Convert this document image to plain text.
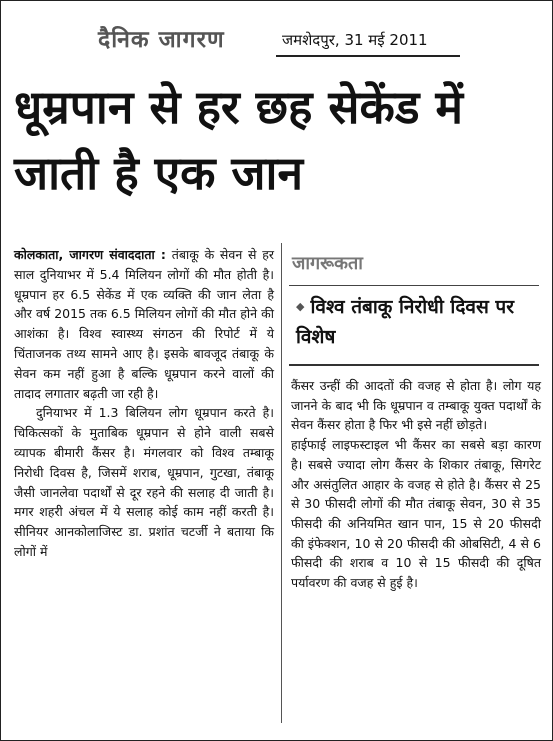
दैनिक जागरण	जमशेदपुर, 31 मई 2011
धूम्रपान से हर छह सेकेंड में जाती है एक जान

कोलकाता, जागरण संवाददाता : तंबाकू के सेवन से हर साल दुनियाभर में 5.4 मिलियन लोगों की मौत होती है। धूम्रपान हर 6.5 सेकेंड में एक व्यक्ति की जान लेता है और वर्ष 2015 तक 6.5 मिलियन लोगों की मौत होने की आशंका है। विश्व स्वास्थ्य संगठन की रिपोर्ट में ये चिंताजनक तथ्य सामने आए है। इसके बावजूद तंबाकू के सेवन कम नहीं हुआ है बल्कि धूम्रपान करने वालों की तादाद लगातार बढ़ती जा रही है।

दुनियाभर में 1.3 बिलियन लोग धूम्रपान करते है। चिकित्सकों के मुताबिक धूम्रपान से होने वाली सबसे व्यापक बीमारी कैंसर है। मंगलवार को विश्व तम्बाकू निरोधी दिवस है, जिसमें शराब, धूम्रपान, गुटखा, तंबाकू जैसी जानलेवा पदार्थों से दूर रहने की सलाह दी जाती है। मगर शहरी अंचल में ये सलाह कोई काम नहीं करती है। सीनियर आनकोलाजिस्ट डा. प्रशांत चटर्जी ने बताया कि लोगों में

जागरूकता
◆ विश्व तंबाकू निरोधी दिवस पर विशेष

कैंसर उन्हीं की आदतों की वजह से होता है। लोग यह जानने के बाद भी कि धूम्रपान व तम्बाकू युक्त पदार्थों के सेवन कैंसर होता है फिर भी इसे नहीं छोड़ते।

हाईफाई लाइफस्टाइल भी कैंसर का सबसे बड़ा कारण है। सबसे ज्यादा लोग कैंसर के शिकार तंबाकू, सिगरेट और असंतुलित आहार के वजह से होते है। कैंसर से 25 से 30 फीसदी लोगों की मौत तंबाकू सेवन, 30 से 35 फीसदी की अनियमित खान पान, 15 से 20 फीसदी की इंफेक्शन, 10 से 20 फीसदी की ओबसिटी, 4 से 6 फीसदी की शराब व 10 से 15 फीसदी की दूषित पर्यावरण की वजह से हुई है।
